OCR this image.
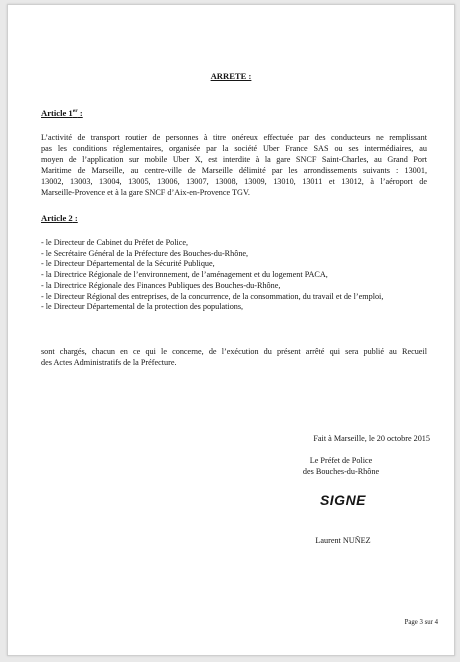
ARRETE :
Article 1er :
L’activité de transport routier de personnes à titre onéreux effectuée par des conducteurs ne remplissant
pas les conditions réglementaires, organisée par la société Uber France SAS ou ses intermédiaires, au
moyen de l’application sur mobile Uber X, est interdite à la gare SNCF Saint-Charles, au Grand Port
Maritime de Marseille, au centre-ville de Marseille délimité par les arrondissements suivants : 13001,
13002, 13003, 13004, 13005, 13006, 13007, 13008, 13009, 13010, 13011 et 13012, à l’aéroport de
Marseille-Provence et à la gare SNCF d’Aix-en-Provence TGV.
Article 2 :
- le Directeur de Cabinet du Préfet de Police,
- le Secrétaire Général de la Préfecture des Bouches-du-Rhône,
- le Directeur Départemental de la Sécurité Publique,
- la Directrice Régionale de l’environnement, de l’aménagement et du logement PACA,
- la Directrice Régionale des Finances Publiques des Bouches-du-Rhône,
- le Directeur Régional des entreprises, de la concurrence, de la consommation, du travail et de l’emploi,
- le Directeur Départemental de la protection des populations,
sont chargés, chacun en ce qui le concerne, de l’exécution du présent arrêté qui sera publié au Recueil
des Actes Administratifs de la Préfecture.
Fait à Marseille, le 20 octobre 2015
Le Préfet de Police
des Bouches-du-Rhône
SIGNE
Laurent NUÑEZ
Page 3 sur 4
